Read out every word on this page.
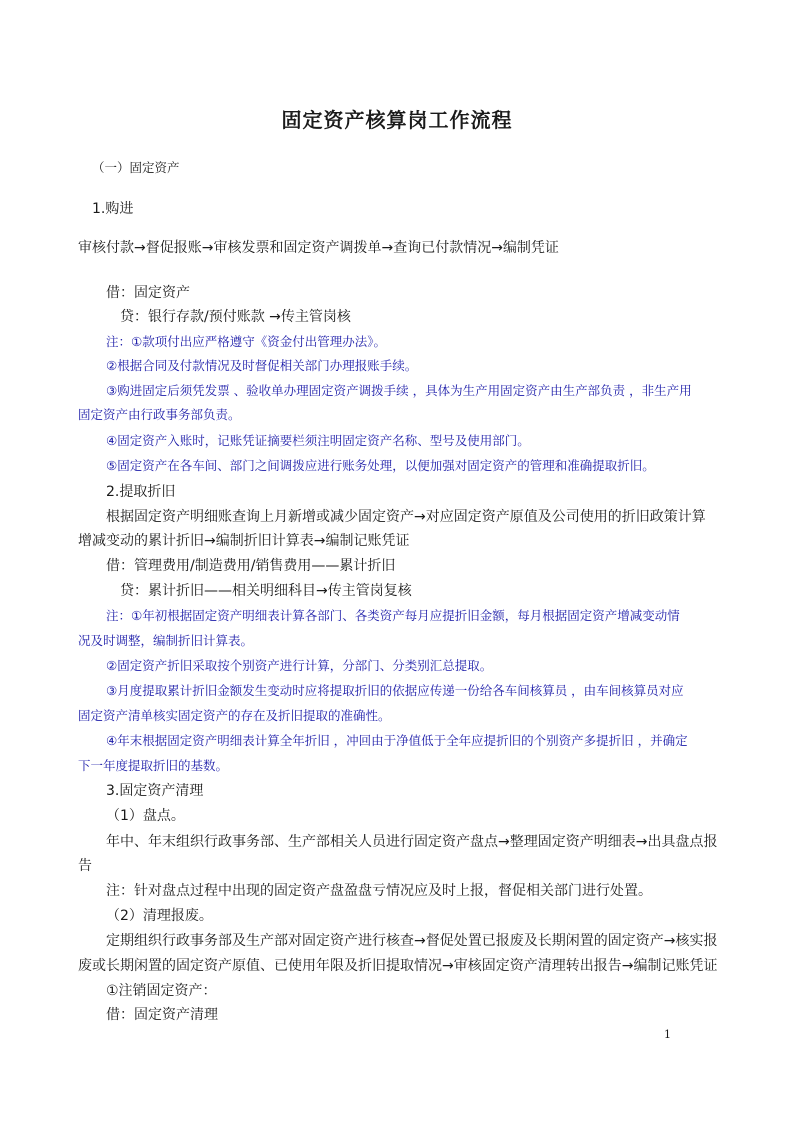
固定资产核算岗工作流程
（一）固定资产
1.购进
审核付款→督促报账→审核发票和固定资产调拨单→查询已付款情况→编制凭证
借：固定资产
贷：银行存款/预付账款 →传主管岗核
注：①款项付出应严格遵守《资金付出管理办法》。
②根据合同及付款情况及时督促相关部门办理报账手续。
③购进固定后须凭发票 、验收单办理固定资产调拨手续 ，具体为生产用固定资产由生产部负责 ，非生产用
固定资产由行政事务部负责。
④固定资产入账时，记账凭证摘要栏须注明固定资产名称、型号及使用部门。
⑤固定资产在各车间、部门之间调拨应进行账务处理，以便加强对固定资产的管理和准确提取折旧。
2.提取折旧
根据固定资产明细账查询上月新增或减少固定资产→对应固定资产原值及公司使用的折旧政策计算
增减变动的累计折旧→编制折旧计算表→编制记账凭证
借：管理费用/制造费用/销售费用——累计折旧
贷：累计折旧——相关明细科目→传主管岗复核
注：①年初根据固定资产明细表计算各部门、各类资产每月应提折旧金额，每月根据固定资产增减变动情
况及时调整，编制折旧计算表。
②固定资产折旧采取按个别资产进行计算，分部门、分类别汇总提取。
③月度提取累计折旧金额发生变动时应将提取折旧的依据应传递一份给各车间核算员 ，由车间核算员对应
固定资产清单核实固定资产的存在及折旧提取的准确性。
④年末根据固定资产明细表计算全年折旧 ，冲回由于净值低于全年应提折旧的个别资产多提折旧 ，并确定
下一年度提取折旧的基数。
3.固定资产清理
（1）盘点。
年中、年末组织行政事务部、生产部相关人员进行固定资产盘点→整理固定资产明细表→出具盘点报
告
注：针对盘点过程中出现的固定资产盘盈盘亏情况应及时上报，督促相关部门进行处置。
（2）清理报废。
定期组织行政事务部及生产部对固定资产进行核查→督促处置已报废及长期闲置的固定资产→核实报
废或长期闲置的固定资产原值、已使用年限及折旧提取情况→审核固定资产清理转出报告→编制记账凭证
①注销固定资产：
借：固定资产清理
1
